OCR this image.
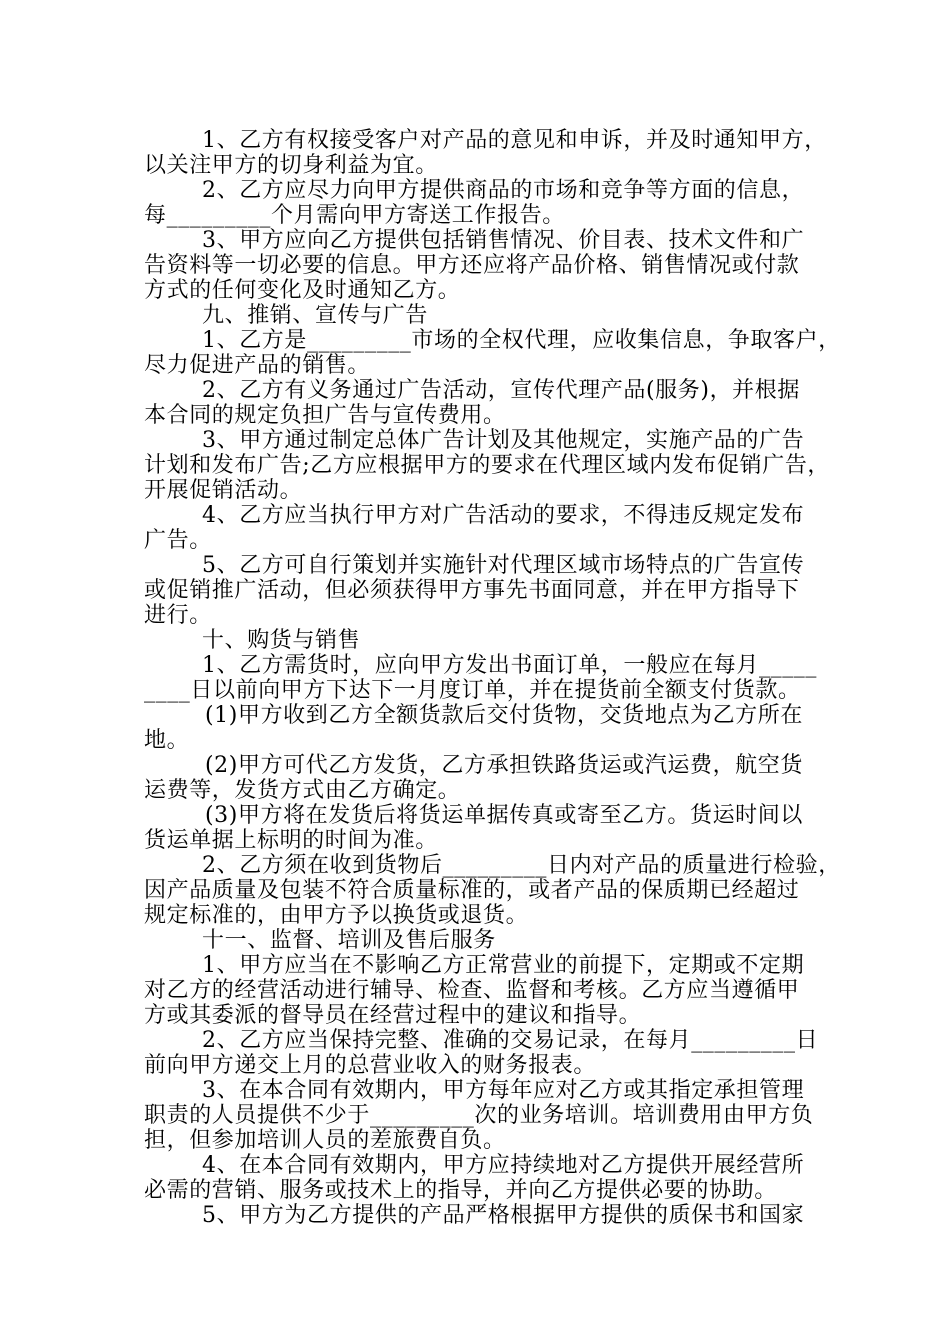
1、乙方有权接受客户对产品的意见和申诉，并及时通知甲方，
以关注甲方的切身利益为宜。
2、乙方应尽力向甲方提供商品的市场和竞争等方面的信息，
每_________个月需向甲方寄送工作报告。
3、甲方应向乙方提供包括销售情况、价目表、技术文件和广
告资料等一切必要的信息。甲方还应将产品价格、销售情况或付款
方式的任何变化及时通知乙方。
九、推销、宣传与广告
1、乙方是_________市场的全权代理，应收集信息，争取客户，
尽力促进产品的销售。
2、乙方有义务通过广告活动，宣传代理产品(服务)，并根据
本合同的规定负担广告与宣传费用。
3、甲方通过制定总体广告计划及其他规定，实施产品的广告
计划和发布广告;乙方应根据甲方的要求在代理区域内发布促销广告，
开展促销活动。
4、乙方应当执行甲方对广告活动的要求，不得违反规定发布
广告。
5、乙方可自行策划并实施针对代理区域市场特点的广告宣传
或促销推广活动，但必须获得甲方事先书面同意，并在甲方指导下
进行。
十、购货与销售
1、乙方需货时，应向甲方发出书面订单，一般应在每月_____
____日以前向甲方下达下一月度订单，并在提货前全额支付货款。
(1)甲方收到乙方全额货款后交付货物，交货地点为乙方所在
地。
(2)甲方可代乙方发货，乙方承担铁路货运或汽运费，航空货
运费等，发货方式由乙方确定。
(3)甲方将在发货后将货运单据传真或寄至乙方。货运时间以
货运单据上标明的时间为准。
2、乙方须在收到货物后_________日内对产品的质量进行检验，
因产品质量及包装不符合质量标准的，或者产品的保质期已经超过
规定标准的，由甲方予以换货或退货。
十一、监督、培训及售后服务
1、甲方应当在不影响乙方正常营业的前提下，定期或不定期
对乙方的经营活动进行辅导、检查、监督和考核。乙方应当遵循甲
方或其委派的督导员在经营过程中的建议和指导。
2、乙方应当保持完整、准确的交易记录，在每月_________日
前向甲方递交上月的总营业收入的财务报表。
3、在本合同有效期内，甲方每年应对乙方或其指定承担管理
职责的人员提供不少于_________次的业务培训。培训费用由甲方负
担，但参加培训人员的差旅费自负。
4、在本合同有效期内，甲方应持续地对乙方提供开展经营所
必需的营销、服务或技术上的指导，并向乙方提供必要的协助。
5、甲方为乙方提供的产品严格根据甲方提供的质保书和国家
